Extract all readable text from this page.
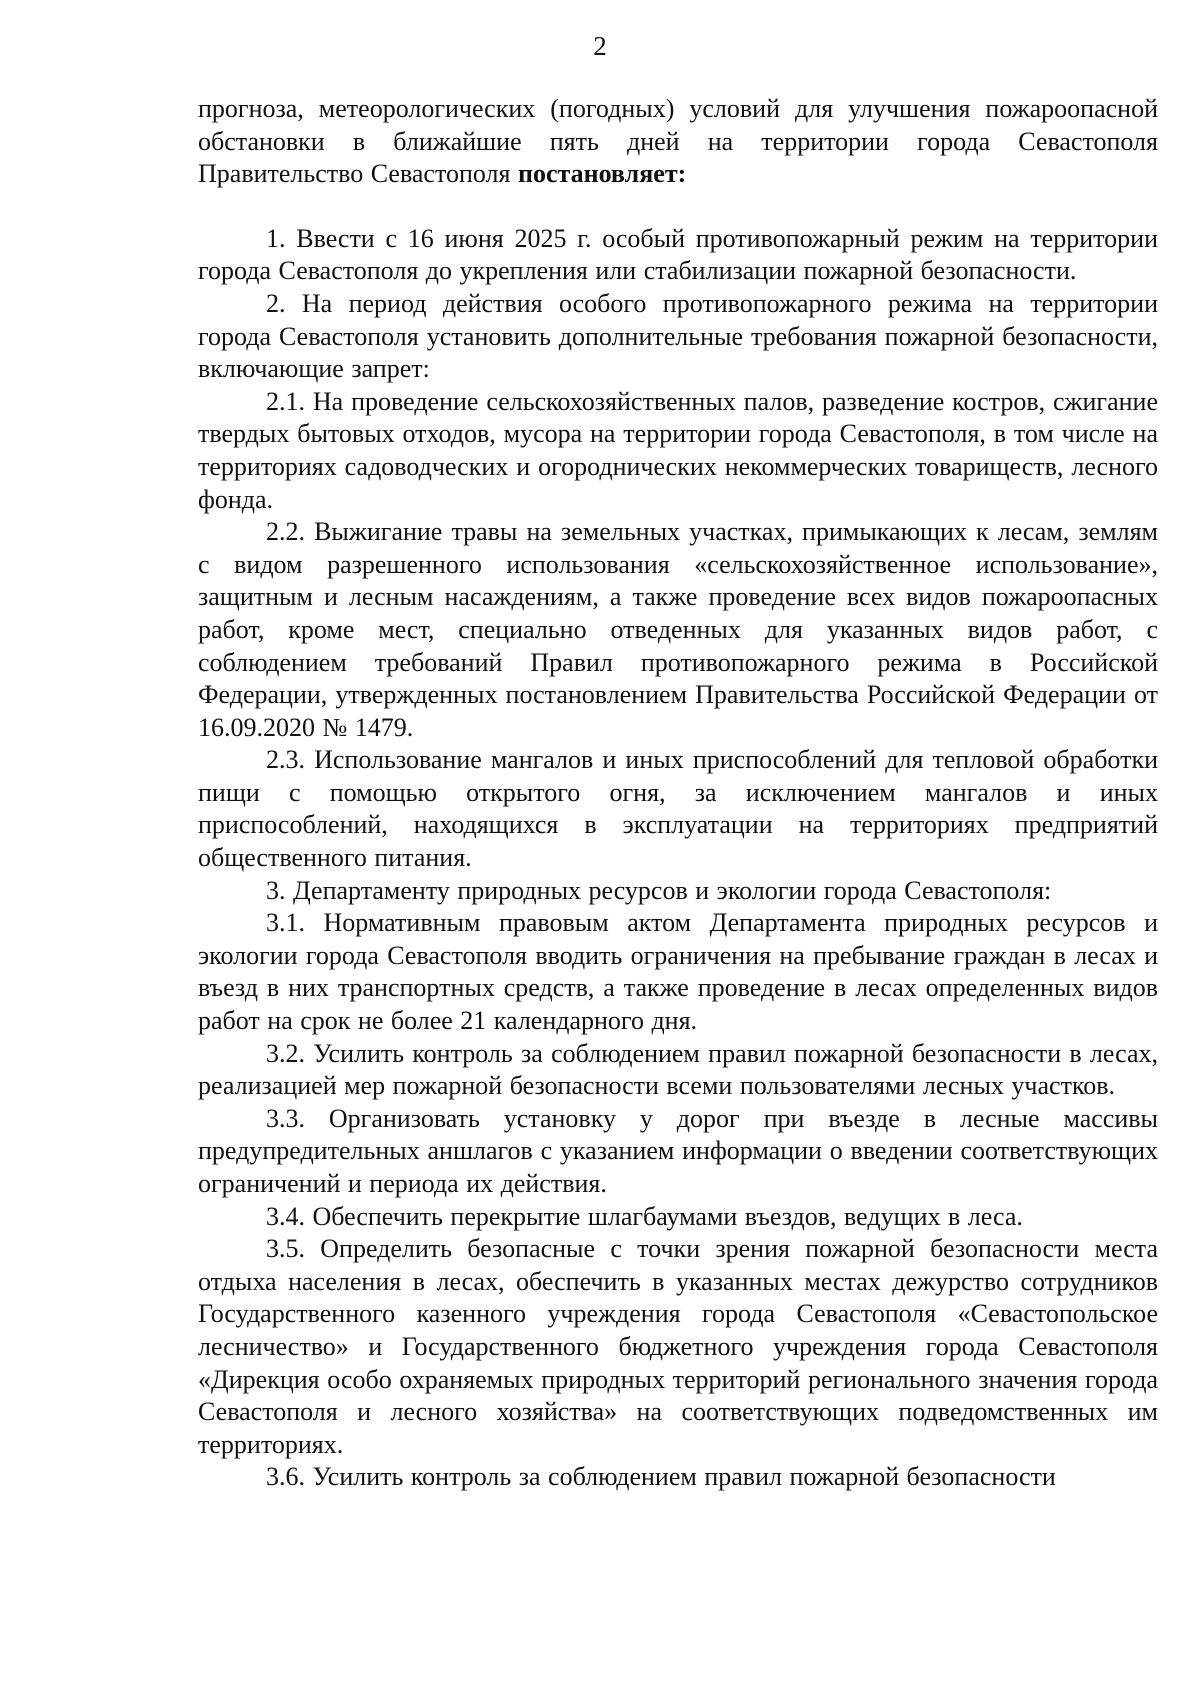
2

прогноза, метеорологических (погодных) условий для улучшения пожароопасной обстановки в ближайшие пять дней на территории города Севастополя Правительство Севастополя постановляет:

1. Ввести с 16 июня 2025 г. особый противопожарный режим на территории города Севастополя до укрепления или стабилизации пожарной безопасности.

2. На период действия особого противопожарного режима на территории города Севастополя установить дополнительные требования пожарной безопасности, включающие запрет:

2.1. На проведение сельскохозяйственных палов, разведение костров, сжигание твердых бытовых отходов, мусора на территории города Севастополя, в том числе на территориях садоводческих и огороднических некоммерческих товариществ, лесного фонда.

2.2. Выжигание травы на земельных участках, примыкающих к лесам, землям с видом разрешенного использования «сельскохозяйственное использование», защитным и лесным насаждениям, а также проведение всех видов пожароопасных работ, кроме мест, специально отведенных для указанных видов работ, с соблюдением требований Правил противопожарного режима в Российской Федерации, утвержденных постановлением Правительства Российской Федерации от 16.09.2020 № 1479.

2.3. Использование мангалов и иных приспособлений для тепловой обработки пищи с помощью открытого огня, за исключением мангалов и иных приспособлений, находящихся в эксплуатации на территориях предприятий общественного питания.

3. Департаменту природных ресурсов и экологии города Севастополя:

3.1. Нормативным правовым актом Департамента природных ресурсов и экологии города Севастополя вводить ограничения на пребывание граждан в лесах и въезд в них транспортных средств, а также проведение в лесах определенных видов работ на срок не более 21 календарного дня.

3.2. Усилить контроль за соблюдением правил пожарной безопасности в лесах, реализацией мер пожарной безопасности всеми пользователями лесных участков.

3.3. Организовать установку у дорог при въезде в лесные массивы предупредительных аншлагов с указанием информации о введении соответствующих ограничений и периода их действия.

3.4. Обеспечить перекрытие шлагбаумами въездов, ведущих в леса.

3.5. Определить безопасные с точки зрения пожарной безопасности места отдыха населения в лесах, обеспечить в указанных местах дежурство сотрудников Государственного казенного учреждения города Севастополя «Севастопольское лесничество» и Государственного бюджетного учреждения города Севастополя «Дирекция особо охраняемых природных территорий регионального значения города Севастополя и лесного хозяйства» на соответствующих подведомственных им территориях.

3.6. Усилить контроль за соблюдением правил пожарной безопасности
